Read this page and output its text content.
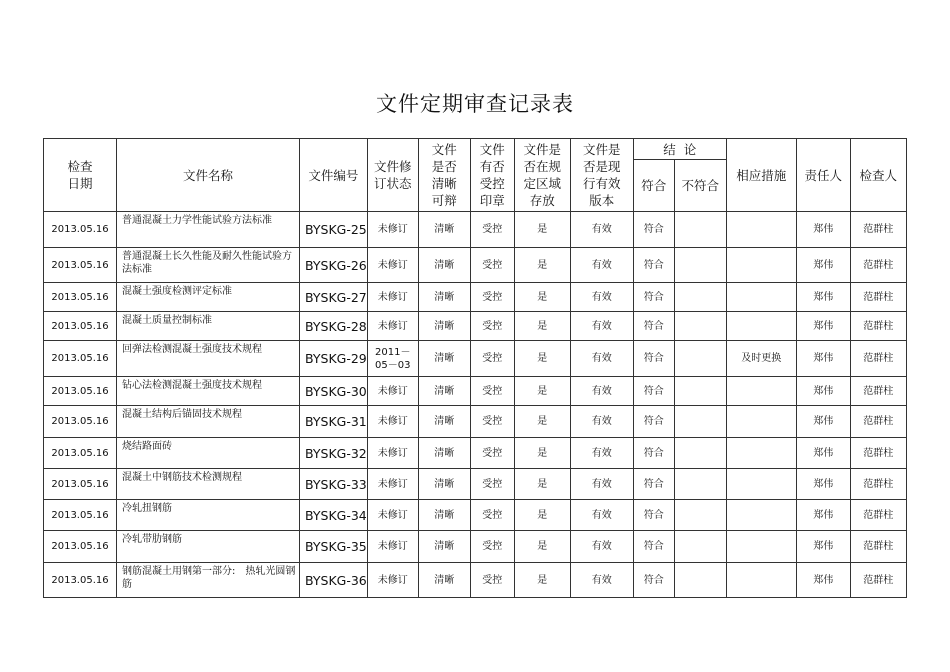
文件定期审查记录表
检查
日期	文件名称	文件编号	文件修
订状态	文件
是否
清晰
可辩	文件
有否
受控
印章	文件是
否在规
定区域
存放	文件是
否是现
行有效
版本	结  论		相应措施	责任人	检查人
								符合	不符合			
2013.05.16	普通混凝土力学性能试验方法标准	BYSKG-25	未修订	清晰	受控	是	有效	符合			郑伟	范群柱
2013.05.16	普通混凝土长久性能及耐久性能试验方法标准	BYSKG-26	未修订	清晰	受控	是	有效	符合			郑伟	范群柱
2013.05.16	混凝土强度检测评定标准	BYSKG-27	未修订	清晰	受控	是	有效	符合			郑伟	范群柱
2013.05.16	混凝土质量控制标准	BYSKG-28	未修订	清晰	受控	是	有效	符合			郑伟	范群柱
2013.05.16	回弹法检测混凝土强度技术规程	BYSKG-29	2011－
05－03	清晰	受控	是	有效	符合		及时更换	郑伟	范群柱
2013.05.16	钻心法检测混凝土强度技术规程	BYSKG-30	未修订	清晰	受控	是	有效	符合			郑伟	范群柱
2013.05.16	混凝土结构后锚固技术规程	BYSKG-31	未修订	清晰	受控	是	有效	符合			郑伟	范群柱
2013.05.16	烧结路面砖	BYSKG-32	未修订	清晰	受控	是	有效	符合			郑伟	范群柱
2013.05.16	混凝土中钢筋技术检测规程	BYSKG-33	未修订	清晰	受控	是	有效	符合			郑伟	范群柱
2013.05.16	冷轧扭钢筋	BYSKG-34	未修订	清晰	受控	是	有效	符合			郑伟	范群柱
2013.05.16	冷轧带肋钢筋	BYSKG-35	未修订	清晰	受控	是	有效	符合			郑伟	范群柱
2013.05.16	钢筋混凝土用钢第一部分:　热轧光圆钢筋	BYSKG-36	未修订	清晰	受控	是	有效	符合			郑伟	范群柱
